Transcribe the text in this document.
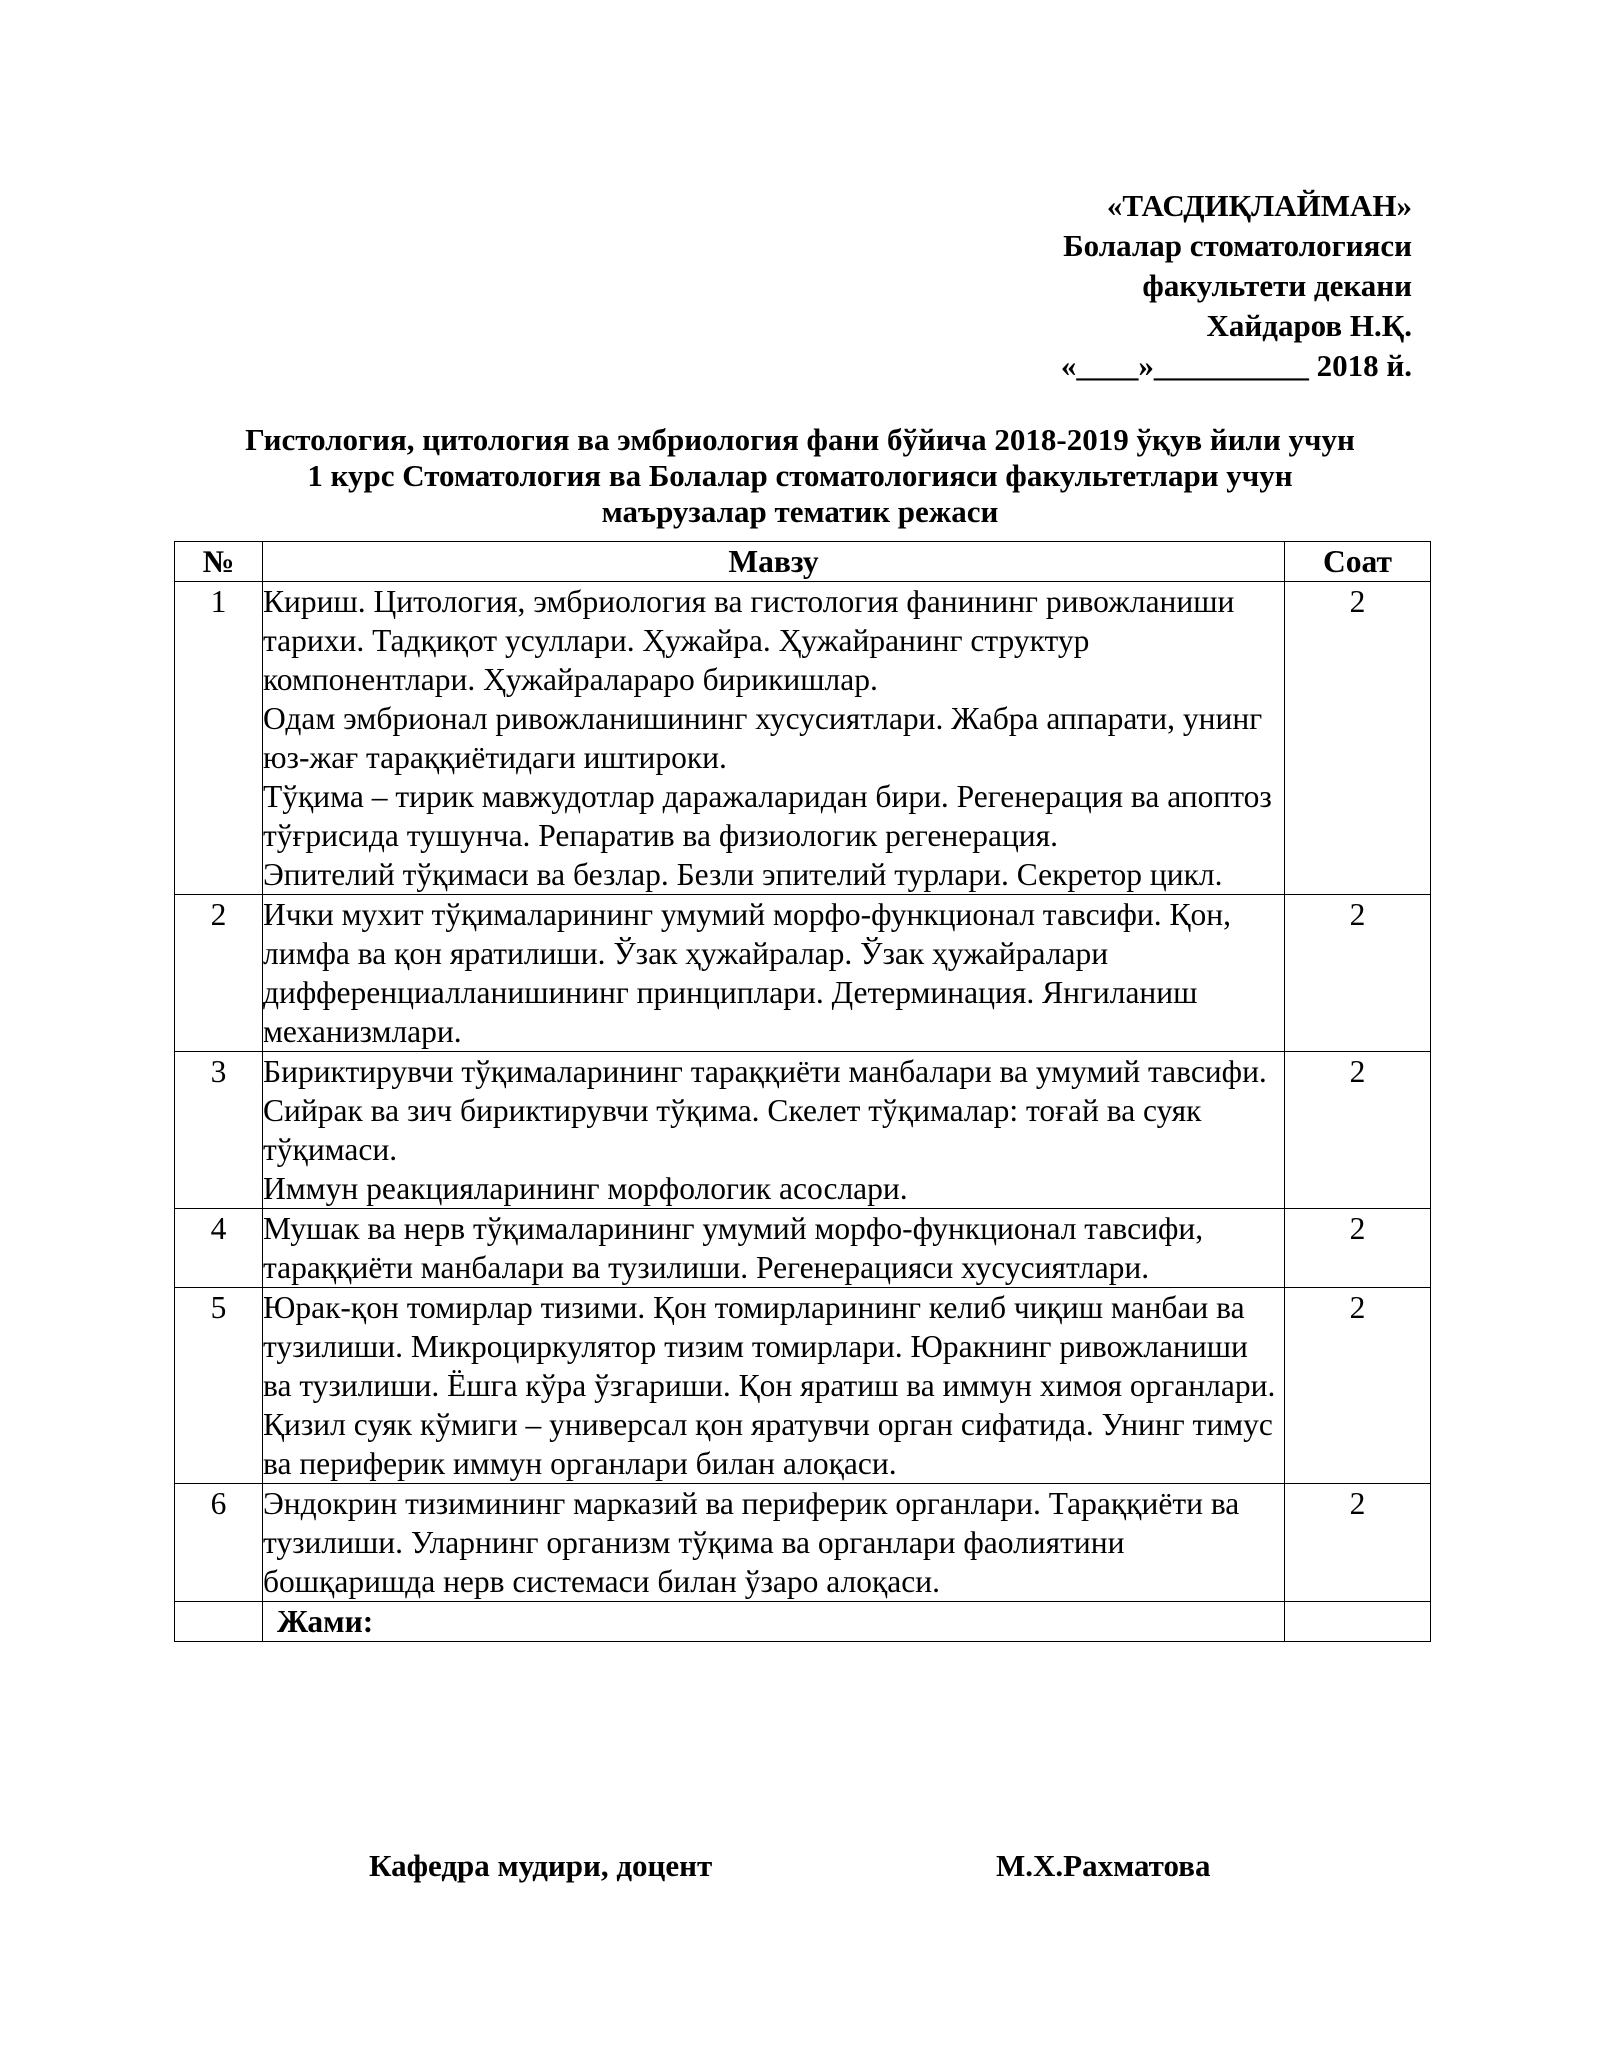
«ТАСДИҚЛАЙМАН»
Болалар стоматологияси
факультети декани
Хайдаров Н.Қ.
«____»__________ 2018 й.
Гистология, цитология ва эмбриология фани бўйича 2018-2019 ўқув йили учун
1 курс Стоматология ва Болалар стоматологияси факультетлари учун
маърузалар тематик режаси
№	Мавзу	Соат
1	Кириш. Цитология, эмбриология ва гистология фанининг ривожланиши тарихи. Тадқиқот усуллари. Ҳужайра. Ҳужайранинг структур компонентлари. Ҳужайралараро бирикишлар.
Одам эмбрионал ривожланишининг хусусиятлари. Жабра аппарати, унинг юз-жағ тараққиётидаги иштироки.
Тўқима – тирик мавжудотлар даражаларидан бири. Регенерация ва апоптоз тўғрисида тушунча. Репаратив ва физиологик регенерация.
Эпителий тўқимаси ва безлар. Безли эпителий турлари. Секретор цикл.	2
2	Ички мухит тўқималарининг умумий морфо-функционал тавсифи. Қон, лимфа ва қон яратилиши. Ўзак ҳужайралар. Ўзак ҳужайралари дифференциалланишининг принциплари. Детерминация. Янгиланиш механизмлари.	2
3	Бириктирувчи тўқималарининг тараққиёти манбалари ва умумий тавсифи. Сийрак ва зич бириктирувчи тўқима. Скелет тўқималар: тоғай ва суяк тўқимаси.
Иммун реакцияларининг морфологик асослари.	2
4	Мушак ва нерв тўқималарининг умумий морфо-функционал тавсифи, тараққиёти манбалари ва тузилиши. Регенерацияси хусусиятлари.	2
5	Юрак-қон томирлар тизими. Қон томирларининг келиб чиқиш манбаи ва тузилиши. Микроциркулятор тизим томирлари. Юракнинг ривожланиши ва тузилиши. Ёшга кўра ўзгариши. Қон яратиш ва иммун химоя органлари. Қизил суяк кўмиги – универсал қон яратувчи орган сифатида. Унинг тимус ва периферик иммун органлари билан алоқаси.	2
6	Эндокрин тизимининг марказий ва периферик органлари. Тараққиёти ва тузилиши. Уларнинг организм тўқима ва органлари фаолиятини бошқаришда нерв системаси билан ўзаро алоқаси.	2
	Жами:	
Кафедра мудири, доцент	М.Х.Рахматова
